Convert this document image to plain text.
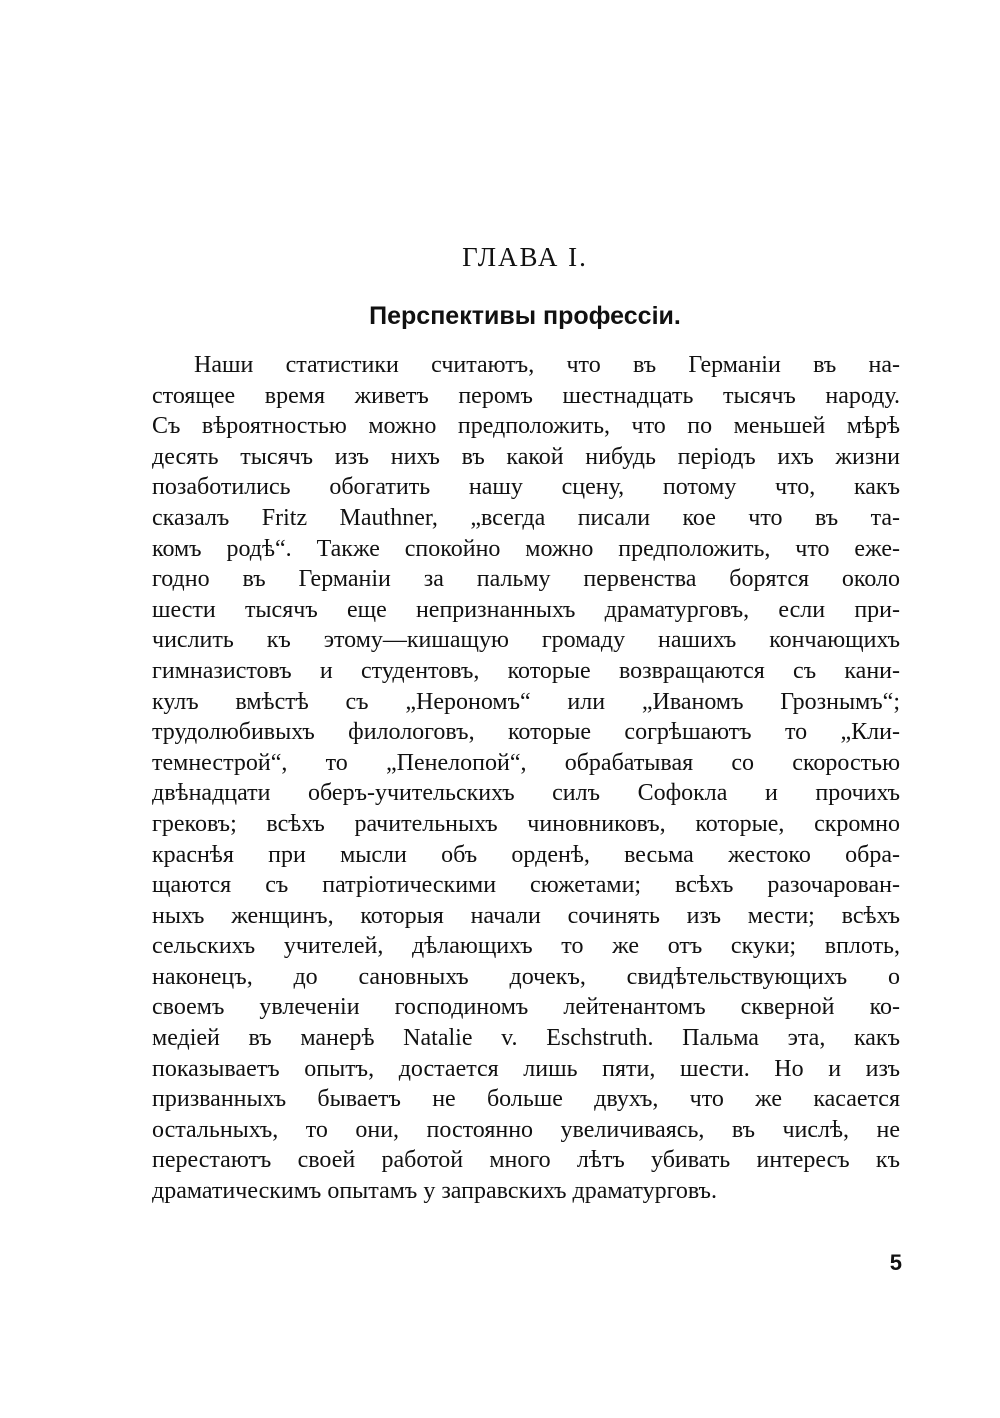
ГЛАВА I.
Перспективы профессіи.
Наши статистики считаютъ, что въ Германіи въ на-
стоящее время живетъ перомъ шестнадцать тысячъ народу.
Съ вѣроятностью можно предположить, что по меньшей мѣрѣ
десять тысячъ изъ нихъ въ какой нибудь періодъ ихъ жизни
позаботились обогатить нашу сцену, потому что, какъ
сказалъ Fritz Mauthner, „всегда писали кое что въ та-
комъ родѣ“. Также спокойно можно предположить, что еже-
годно въ Германіи за пальму первенства борятся около
шести тысячъ еще непризнанныхъ драматурговъ, если при-
числить къ этому—кишащую громаду нашихъ кончающихъ
гимназистовъ и студентовъ, которые возвращаются съ кани-
кулъ вмѣстѣ съ „Нерономъ“ или „Иваномъ Грознымъ“;
трудолюбивыхъ филологовъ, которые согрѣшаютъ то „Кли-
темнестрой“, то „Пенелопой“, обрабатывая со скоростью
двѣнадцати оберъ-учительскихъ силъ Софокла и прочихъ
грековъ; всѣхъ рачительныхъ чиновниковъ, которые, скромно
краснѣя при мысли объ орденѣ, весьма жестоко обра-
щаются съ патріотическими сюжетами; всѣхъ разочарован-
ныхъ женщинъ, которыя начали сочинять изъ мести; всѣхъ
сельскихъ учителей, дѣлающихъ то же отъ скуки; вплоть,
наконецъ, до сановныхъ дочекъ, свидѣтельствующихъ о
своемъ увлеченіи господиномъ лейтенантомъ скверной ко-
медіей въ манерѣ Natalie v. Eschstruth. Пальма эта, какъ
показываетъ опытъ, достается лишь пяти, шести. Но и изъ
призванныхъ бываетъ не больше двухъ, что же касается
остальныхъ, то они, постоянно увеличиваясь, въ числѣ, не
перестаютъ своей работой много лѣтъ убивать интересъ къ
драматическимъ опытамъ у заправскихъ драматурговъ.
5
